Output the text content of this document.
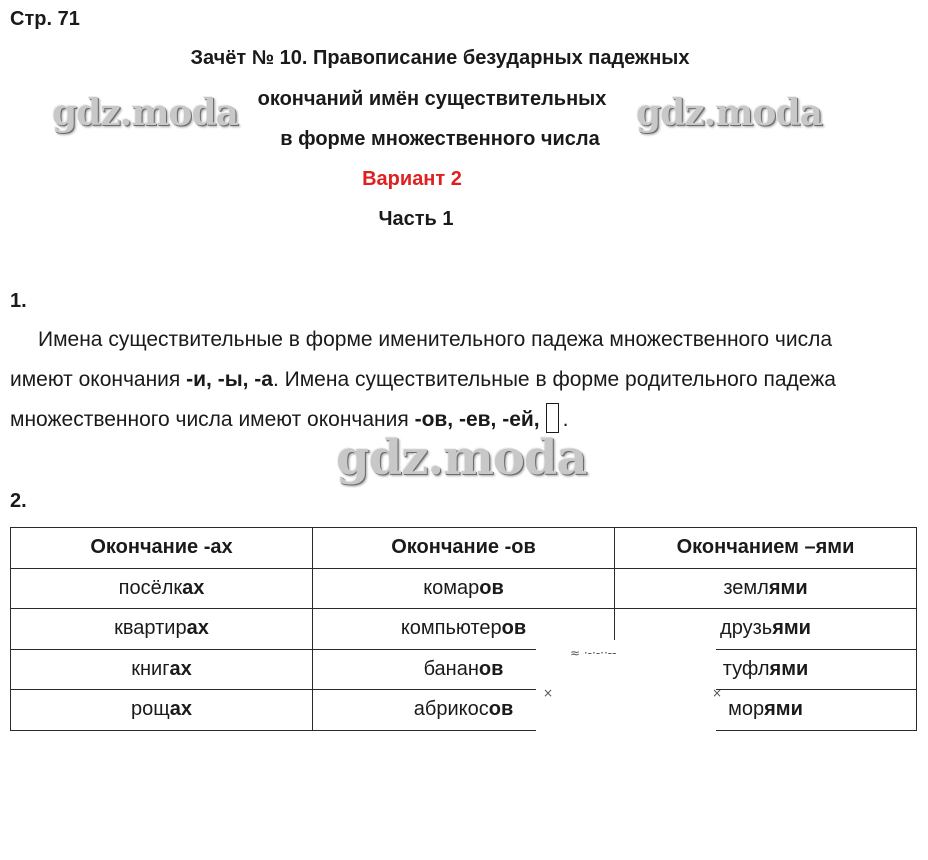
Стр. 71
Зачёт № 10. Правописание безударных падежных
окончаний имён существительных
в форме множественного числа
Вариант 2
Часть 1
gdz.moda	gdz.moda
1.

Имена существительные в форме именительного падежа множественного числа

имеют окончания -и, -ы, -а. Имена существительные в форме родительного падежа
множественного числа имеют окончания -ов, -ев, -ей, .
gdz.moda
2.
Окончание -ах	Окончание -ов	Окончанием –ями
посёлках	комаров	землями
квартирах	компьютеров	друзьями
книгах	бананов	туфлями
рощах	абрикосов	морями
≈ ·-·-··--
×	×
